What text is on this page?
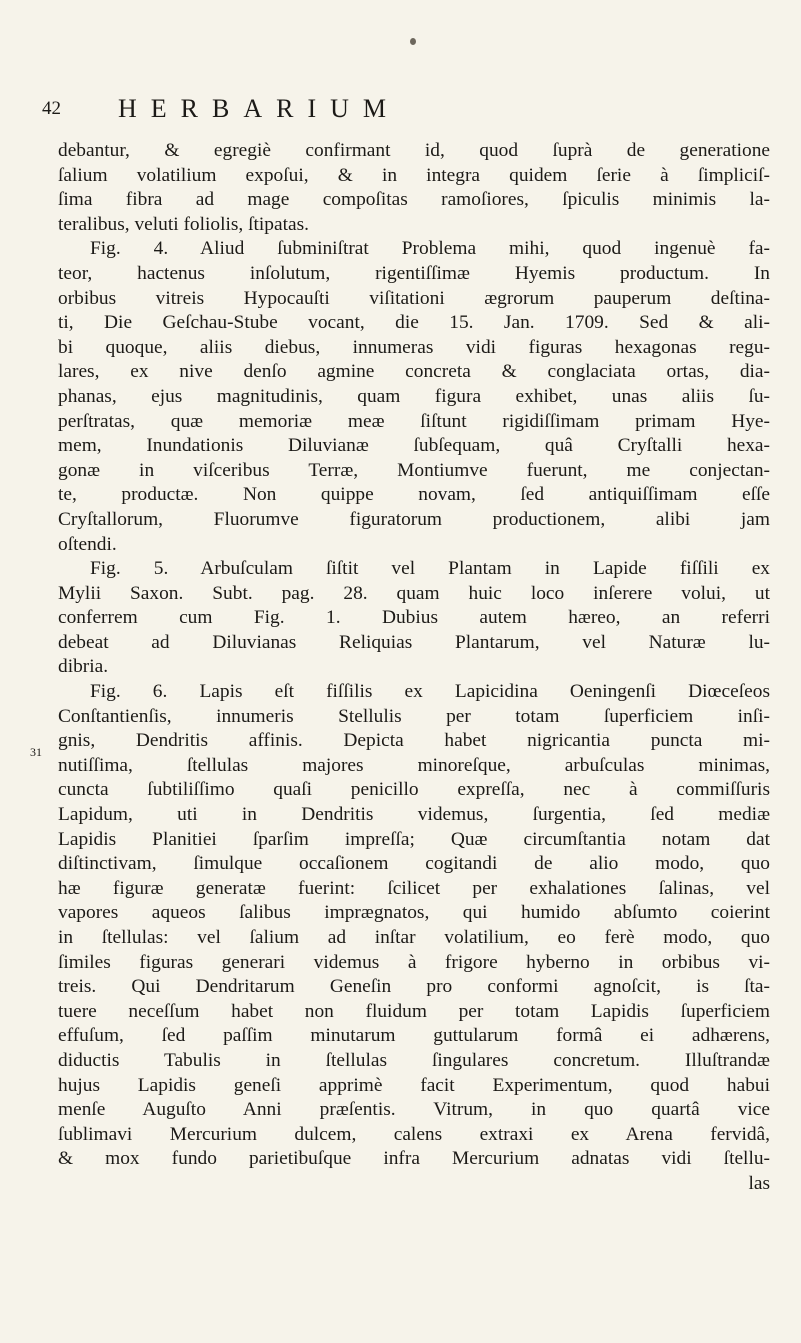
42 HERBARIUM
31
debantur, & egregiè confirmant id, quod ſuprà de generatione
ſalium volatilium expoſui, & in integra quidem ſerie à ſimpliciſ-
ſima fibra ad mage compoſitas ramoſiores, ſpiculis minimis la-
teralibus, veluti foliolis, ſtipatas.
Fig. 4. Aliud ſubminiſtrat Problema mihi, quod ingenuè fa-
teor, hactenus inſolutum, rigentiſſimæ Hyemis productum. In
orbibus vitreis Hypocauſti viſitationi ægrorum pauperum deſtina-
ti, Die Geſchau-Stube vocant, die 15. Jan. 1709. Sed & ali-
bi quoque, aliis diebus, innumeras vidi figuras hexagonas regu-
lares, ex nive denſo agmine concreta & conglaciata ortas, dia-
phanas, ejus magnitudinis, quam figura exhibet, unas aliis ſu-
perſtratas, quæ memoriæ meæ ſiſtunt rigidiſſimam primam Hye-
mem, Inundationis Diluvianæ ſubſequam, quâ Cryſtalli hexa-
gonæ in viſceribus Terræ, Montiumve fuerunt, me conjectan-
te, productæ. Non quippe novam, ſed antiquiſſimam eſſe
Cryſtallorum, Fluorumve figuratorum productionem, alibi jam
oſtendi.
Fig. 5. Arbuſculam ſiſtit vel Plantam in Lapide fiſſili ex
Mylii Saxon. Subt. pag. 28. quam huic loco inſerere volui, ut
conferrem cum Fig. 1. Dubius autem hæreo, an referri
debeat ad Diluvianas Reliquias Plantarum, vel Naturæ lu-
dibria.
Fig. 6. Lapis eſt fiſſilis ex Lapicidina Oeningenſi Diœceſeos
Conſtantienſis, innumeris Stellulis per totam ſuperficiem inſi-
gnis, Dendritis affinis. Depicta habet nigricantia puncta mi-
nutiſſima, ſtellulas majores minoreſque, arbuſculas minimas,
cuncta ſubtiliſſimo quaſi penicillo expreſſa, nec à commiſſuris
Lapidum, uti in Dendritis videmus, ſurgentia, ſed mediæ
Lapidis Planitiei ſparſim impreſſa; Quæ circumſtantia notam dat
diſtinctivam, ſimulque occaſionem cogitandi de alio modo, quo
hæ figuræ generatæ fuerint: ſcilicet per exhalationes ſalinas, vel
vapores aqueos ſalibus imprægnatos, qui humido abſumto coierint
in ſtellulas: vel ſalium ad inſtar volatilium, eo ferè modo, quo
ſimiles figuras generari videmus à frigore hyberno in orbibus vi-
treis. Qui Dendritarum Geneſin pro conformi agnoſcit, is ſta-
tuere neceſſum habet non fluidum per totam Lapidis ſuperficiem
effuſum, ſed paſſim minutarum guttularum formâ ei adhærens,
diductis Tabulis in ſtellulas ſingulares concretum. Illuſtrandæ
hujus Lapidis geneſi apprimè facit Experimentum, quod habui
menſe Auguſto Anni præſentis. Vitrum, in quo quartâ vice
ſublimavi Mercurium dulcem, calens extraxi ex Arena fervidâ,
& mox fundo parietibuſque infra Mercurium adnatas vidi ſtellu-
las
